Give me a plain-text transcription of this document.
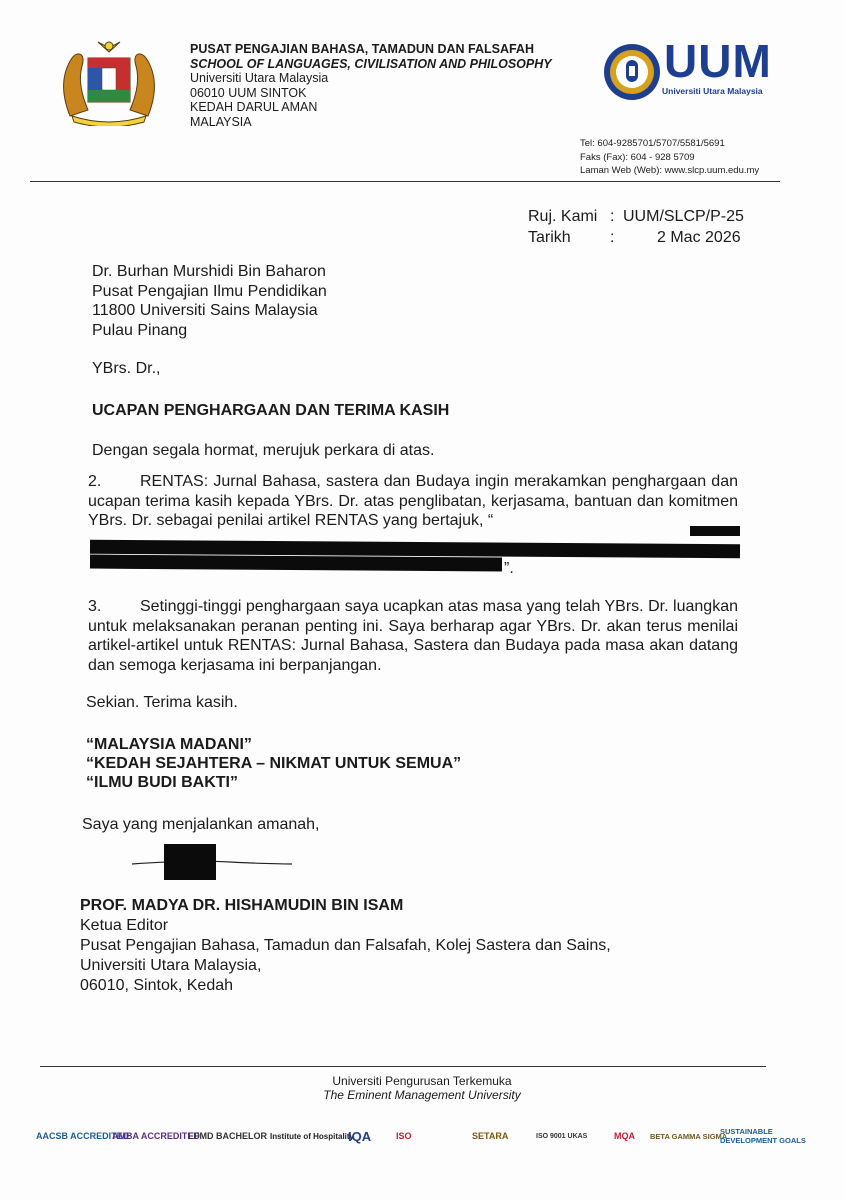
PUSAT PENGAJIAN BAHASA, TAMADUN DAN FALSAFAH
SCHOOL OF LANGUAGES, CIVILISATION AND PHILOSOPHY
Universiti Utara Malaysia
06010 UUM SINTOK
KEDAH DARUL AMAN
MALAYSIA
UUM
Universiti Utara Malaysia
Tel: 604-9285701/5707/5581/5691
Faks (Fax): 604 - 928 5709
Laman Web (Web): www.slcp.uum.edu.my
Ruj. Kami	:	UUM/SLCP/P-25
Tarikh	:	2 Mac 2026
Dr. Burhan Murshidi Bin Baharon
Pusat Pengajian Ilmu Pendidikan
11800 Universiti Sains Malaysia
Pulau Pinang
YBrs. Dr.,
UCAPAN PENGHARGAAN DAN TERIMA KASIH
Dengan segala hormat, merujuk perkara di atas.
2. RENTAS: Jurnal Bahasa, sastera dan Budaya ingin merakamkan penghargaan dan ucapan terima kasih kepada YBrs. Dr. atas penglibatan, kerjasama, bantuan dan komitmen YBrs. Dr. sebagai penilai artikel RENTAS yang bertajuk, “
”.
3. Setinggi-tinggi penghargaan saya ucapkan atas masa yang telah YBrs. Dr. luangkan untuk melaksanakan peranan penting ini. Saya berharap agar YBrs. Dr. akan terus menilai artikel-artikel untuk RENTAS: Jurnal Bahasa, Sastera dan Budaya pada masa akan datang dan semoga kerjasama ini berpanjangan.
Sekian. Terima kasih.
“MALAYSIA MADANI”
“KEDAH SEJAHTERA – NIKMAT UNTUK SEMUA”
“ILMU BUDI BAKTI”
Saya yang menjalankan amanah,
PROF. MADYA DR. HISHAMUDIN BIN ISAM
Ketua Editor
Pusat Pengajian Bahasa, Tamadun dan Falsafah, Kolej Sastera dan Sains,
Universiti Utara Malaysia,
06010, Sintok, Kedah
Universiti Pengurusan Terkemuka
The Eminent Management University
AACSB ACCREDITED
AMBA ACCREDITED
EFMD BACHELOR Institute of Hospitality
IQA	ISO	SETARA	ISO 9001 UKAS	MQA BETA GAMMA SIGMA
SUSTAINABLE DEVELOPMENT GOALS
